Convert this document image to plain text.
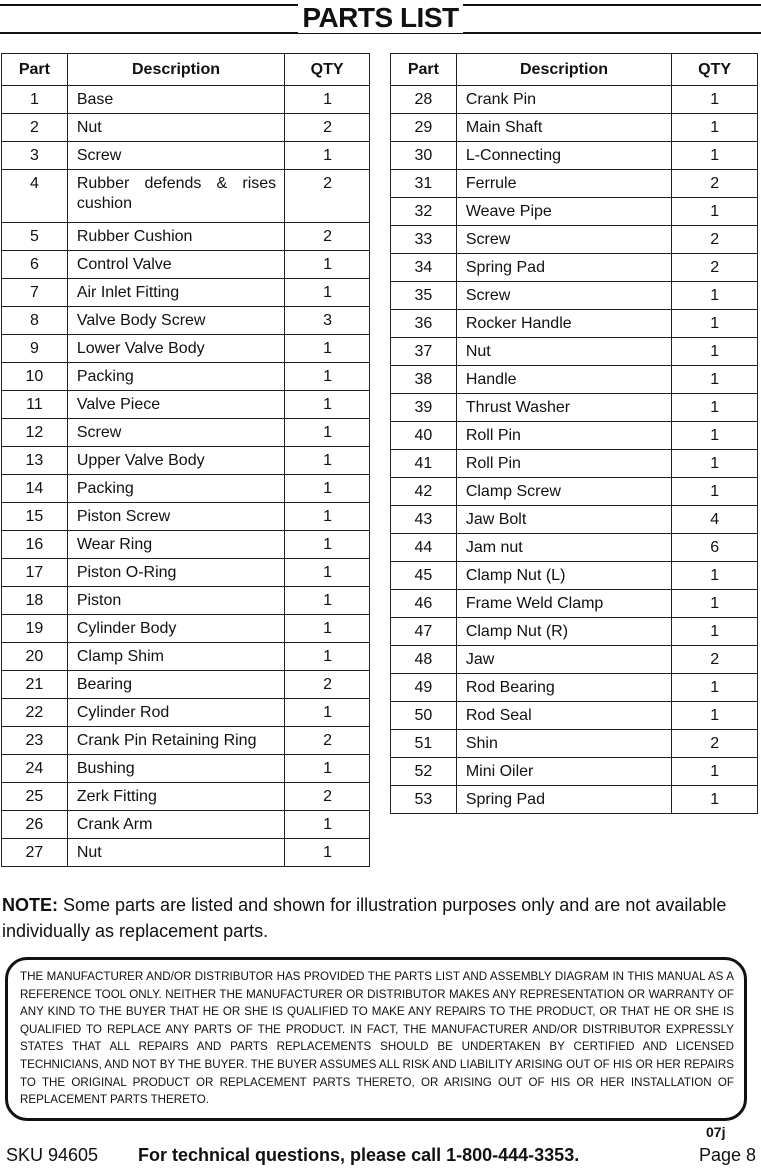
PARTS LIST
Part	Description	QTY
1	Base	1
2	Nut	2
3	Screw	1
4	Rubber defends & rises cushion	2
5	Rubber Cushion	2
6	Control Valve	1
7	Air Inlet Fitting	1
8	Valve Body Screw	3
9	Lower Valve Body	1
10	Packing	1
11	Valve Piece	1
12	Screw	1
13	Upper Valve Body	1
14	Packing	1
15	Piston Screw	1
16	Wear Ring	1
17	Piston O-Ring	1
18	Piston	1
19	Cylinder Body	1
20	Clamp Shim	1
21	Bearing	2
22	Cylinder Rod	1
23	Crank Pin Retaining Ring	2
24	Bushing	1
25	Zerk Fitting	2
26	Crank Arm	1
27	Nut	1
Part	Description	QTY
28	Crank Pin	1
29	Main Shaft	1
30	L-Connecting	1
31	Ferrule	2
32	Weave Pipe	1
33	Screw	2
34	Spring Pad	2
35	Screw	1
36	Rocker Handle	1
37	Nut	1
38	Handle	1
39	Thrust Washer	1
40	Roll Pin	1
41	Roll Pin	1
42	Clamp Screw	1
43	Jaw Bolt	4
44	Jam nut	6
45	Clamp Nut (L)	1
46	Frame Weld Clamp	1
47	Clamp Nut (R)	1
48	Jaw	2
49	Rod Bearing	1
50	Rod Seal	1
51	Shin	2
52	Mini Oiler	1
53	Spring Pad	1
NOTE: Some parts are listed and shown for illustration purposes only and are not available individually as replacement parts.
THE MANUFACTURER AND/OR DISTRIBUTOR HAS PROVIDED THE PARTS LIST AND ASSEMBLY DIAGRAM IN THIS MANUAL AS A REFERENCE TOOL ONLY. NEITHER THE MANUFACTURER OR DISTRIBUTOR MAKES ANY REPRESENTATION OR WARRANTY OF ANY KIND TO THE BUYER THAT HE OR SHE IS QUALIFIED TO MAKE ANY REPAIRS TO THE PRODUCT, OR THAT HE OR SHE IS QUALIFIED TO REPLACE ANY PARTS OF THE PRODUCT. IN FACT, THE MANUFACTURER AND/OR DISTRIBUTOR EXPRESSLY STATES THAT ALL REPAIRS AND PARTS REPLACEMENTS SHOULD BE UNDERTAKEN BY CERTIFIED AND LICENSED TECHNICIANS, AND NOT BY THE BUYER. THE BUYER ASSUMES ALL RISK AND LIABILITY ARISING OUT OF HIS OR HER REPAIRS TO THE ORIGINAL PRODUCT OR REPLACEMENT PARTS THERETO, OR ARISING OUT OF HIS OR HER INSTALLATION OF REPLACEMENT PARTS THERETO.
07j
SKU 94605 For technical questions, please call 1-800-444-3353.	Page 8
